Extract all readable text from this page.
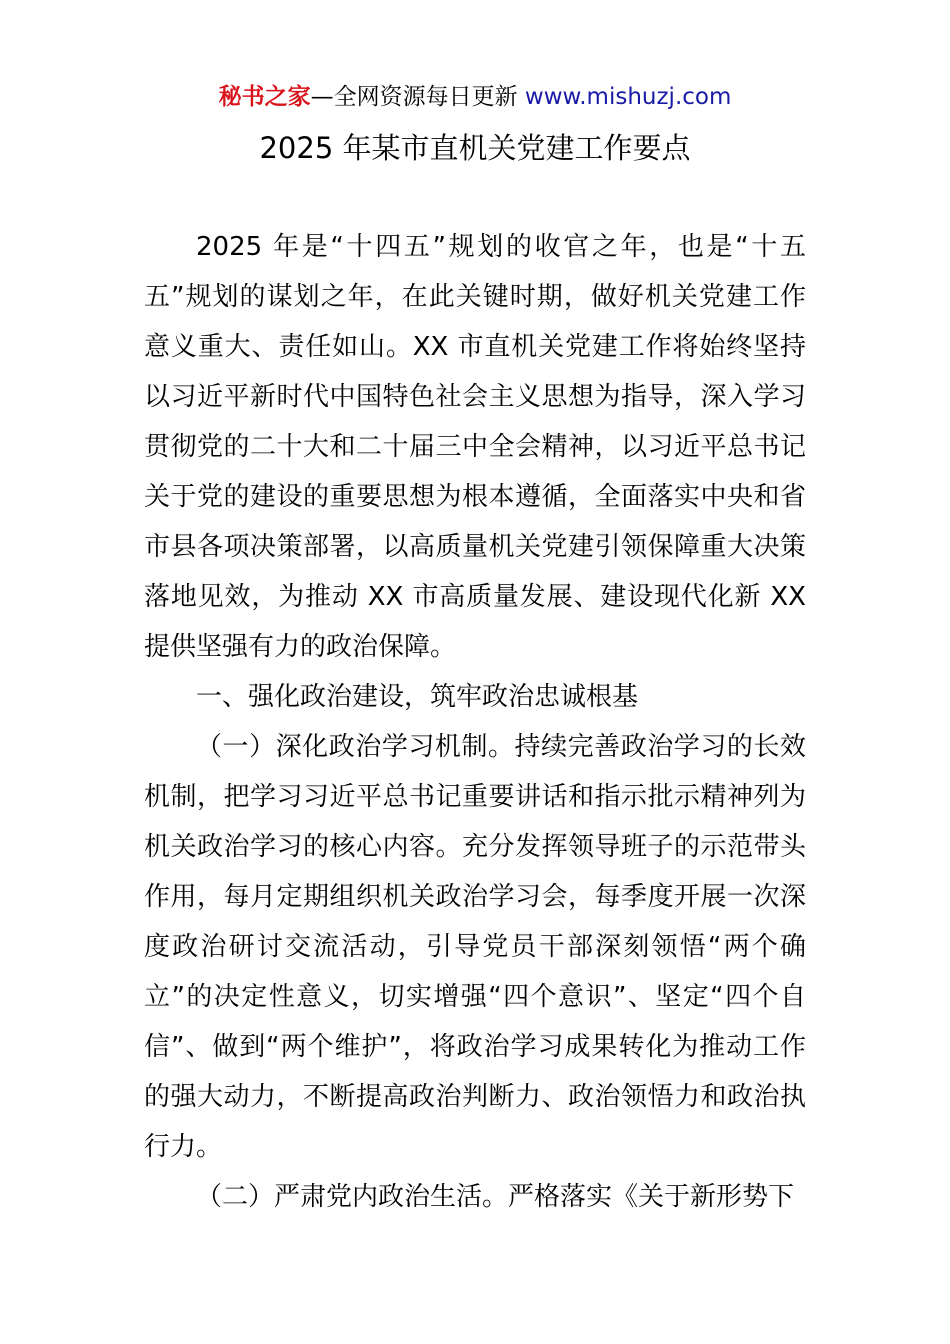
秘书之家—全网资源每日更新 www.mishuzj.com
2025 年某市直机关党建工作要点

2025 年是“十四五”规划的收官之年，也是“十五五”规划的谋划之年，在此关键时期，做好机关党建工作意义重大、责任如山。XX 市直机关党建工作将始终坚持以习近平新时代中国特色社会主义思想为指导，深入学习贯彻党的二十大和二十届三中全会精神，以习近平总书记关于党的建设的重要思想为根本遵循，全面落实中央和省市县各项决策部署，以高质量机关党建引领保障重大决策落地见效，为推动 XX 市高质量发展、建设现代化新 XX 提供坚强有力的政治保障。

一、强化政治建设，筑牢政治忠诚根基

（一）深化政治学习机制。持续完善政治学习的长效机制，把学习习近平总书记重要讲话和指示批示精神列为机关政治学习的核心内容。充分发挥领导班子的示范带头作用，每月定期组织机关政治学习会，每季度开展一次深度政治研讨交流活动，引导党员干部深刻领悟“两个确立”的决定性意义，切实增强“四个意识”、坚定“四个自信”、做到“两个维护”，将政治学习成果转化为推动工作的强大动力，不断提高政治判断力、政治领悟力和政治执行力。

（二）严肃党内政治生活。严格落实《关于新形势下
